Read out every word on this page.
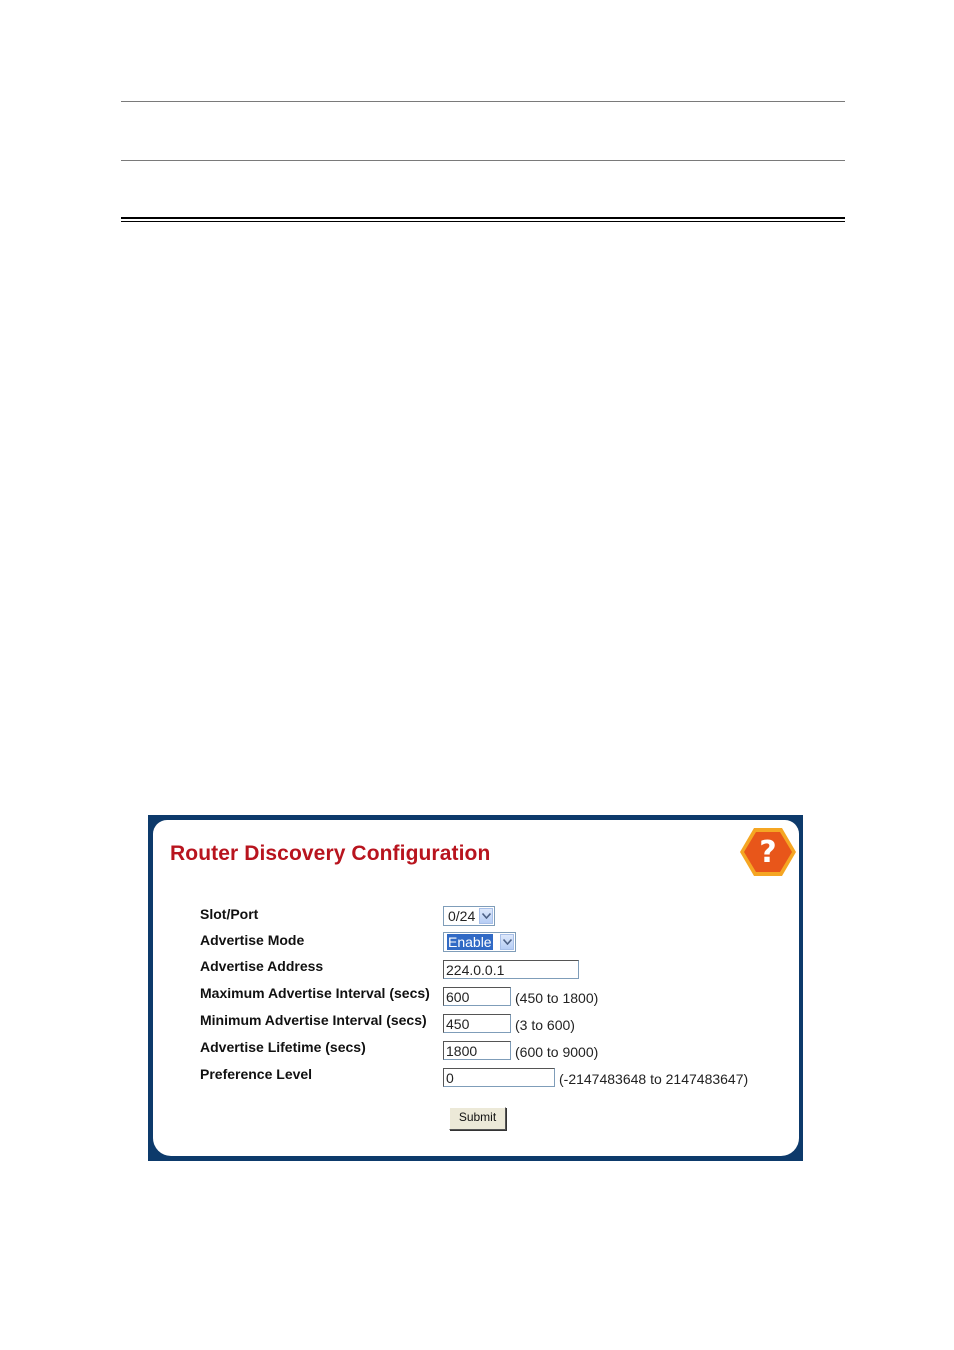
Router Discovery Configuration	?
Slot/Port	0/24
Advertise Mode	Enable
Advertise Address	224.0.0.1
Maximum Advertise Interval (secs) 600	(450 to 1800)
Minimum Advertise Interval (secs) 450	(3 to 600)
Advertise Lifetime (secs)	1800	(600 to 9000)
Preference Level	0	(-2147483648 to 2147483647)
Submit
